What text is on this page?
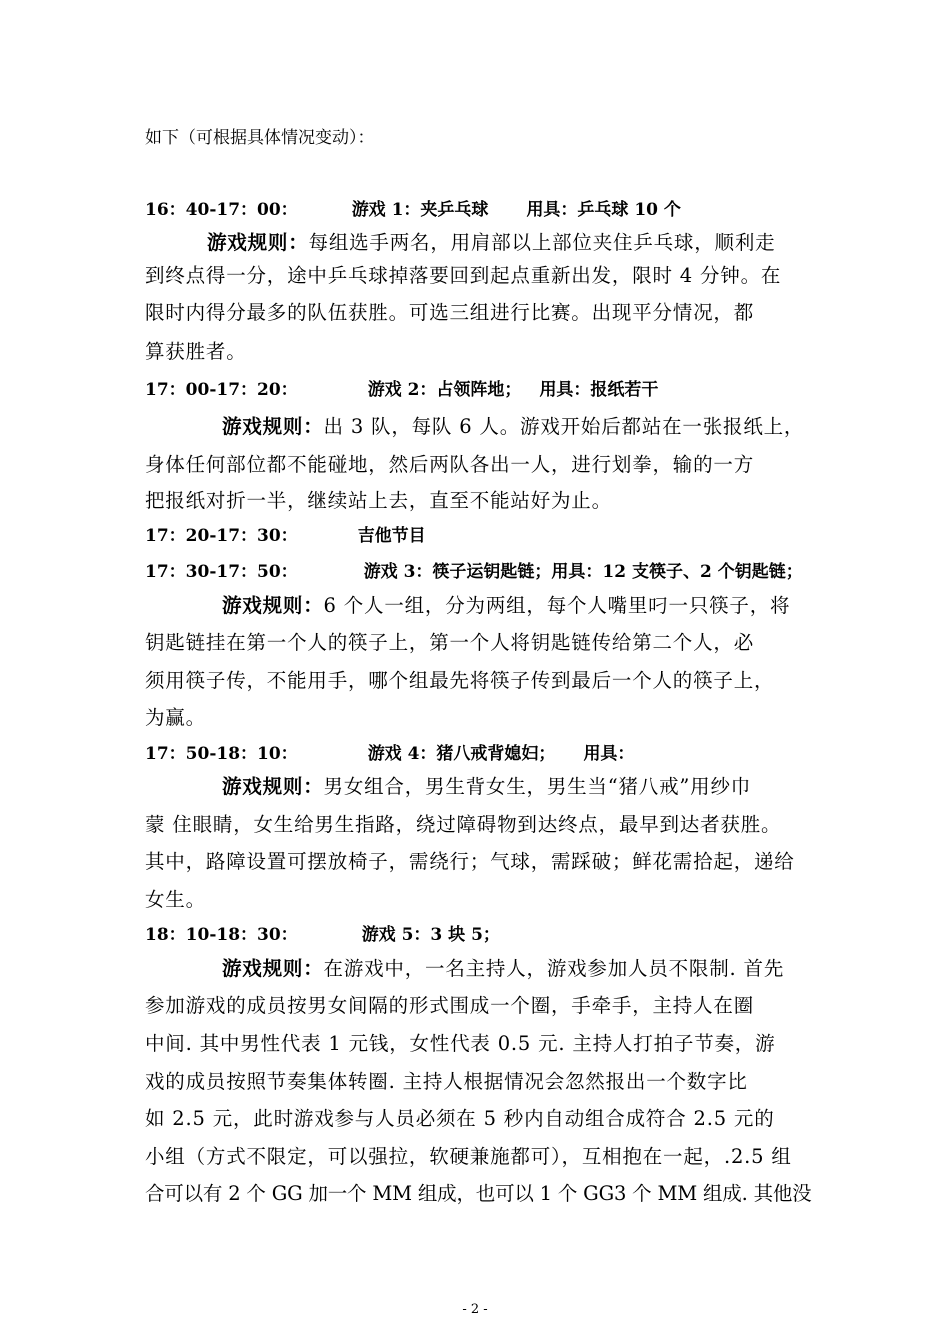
如下（可根据具体情况变动）：
16：40-17：00：	游戏 1：夹乒乓球 用具：乒乓球 10 个
游戏规则：每组选手两名，用肩部以上部位夹住乒乓球，顺利走
到终点得一分，途中乒乓球掉落要回到起点重新出发，限时 4 分钟。在
限时内得分最多的队伍获胜。可选三组进行比赛。出现平分情况，都
算获胜者。
17：00-17：20：	游戏 2：占领阵地； 用具：报纸若干
游戏规则：出 3 队，每队 6 人。游戏开始后都站在一张报纸上，
身体任何部位都不能碰地，然后两队各出一人，进行划拳，输的一方
把报纸对折一半，继续站上去，直至不能站好为止。
17：20-17：30：	吉他节目
17：30-17：50：	游戏 3：筷子运钥匙链；用具：12 支筷子、2 个钥匙链；
游戏规则：6 个人一组，分为两组，每个人嘴里叼一只筷子，将
钥匙链挂在第一个人的筷子上，第一个人将钥匙链传给第二个人，必
须用筷子传，不能用手，哪个组最先将筷子传到最后一个人的筷子上，
为赢。
17：50-18：10：	游戏 4：猪八戒背媳妇； 用具：
游戏规则：男女组合，男生背女生，男生当“猪八戒”用纱巾
蒙 住眼睛，女生给男生指路，绕过障碍物到达终点，最早到达者获胜。
其中，路障设置可摆放椅子，需绕行；气球，需踩破；鲜花需拾起，递给
女生。
18：10-18：30：	游戏 5：3 块 5；
游戏规则：在游戏中，一名主持人，游戏参加人员不限制. 首先
参加游戏的成员按男女间隔的形式围成一个圈，手牵手，主持人在圈
中间. 其中男性代表 1 元钱，女性代表 0.5 元. 主持人打拍子节奏，游
戏的成员按照节奏集体转圈. 主持人根据情况会忽然报出一个数字比
如 2.5 元，此时游戏参与人员必须在 5 秒内自动组合成符合 2.5 元的
小组（方式不限定，可以强拉，软硬兼施都可），互相抱在一起，.2.5 组
合可以有 2 个 GG 加一个 MM 组成，也可以 1 个 GG3 个 MM 组成. 其他没
- 2 -
